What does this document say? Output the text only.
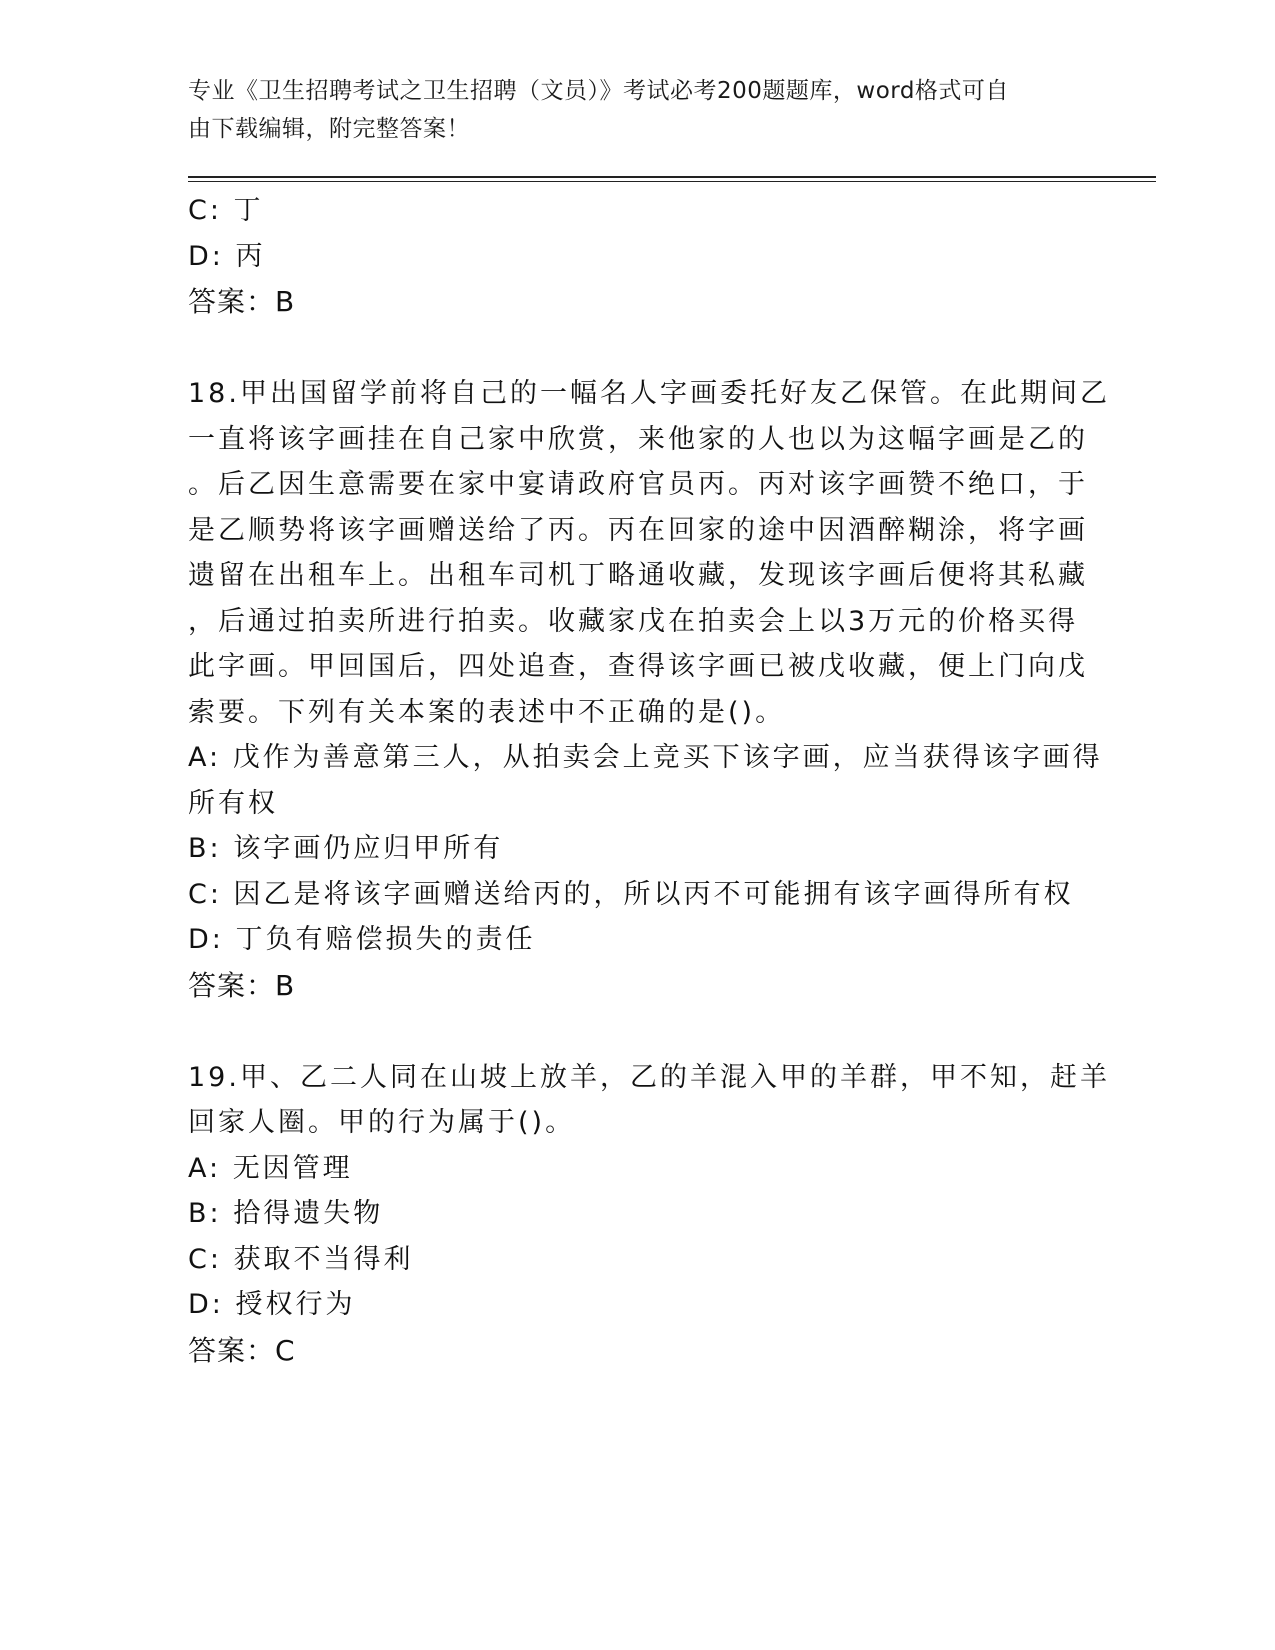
专业《卫生招聘考试之卫生招聘（文员）》考试必考200题题库，word格式可自
由下载编辑，附完整答案！
C: 丁
D: 丙
答案：B
18.甲出国留学前将自己的一幅名人字画委托好友乙保管。在此期间乙
一直将该字画挂在自己家中欣赏，来他家的人也以为这幅字画是乙的
。后乙因生意需要在家中宴请政府官员丙。丙对该字画赞不绝口，于
是乙顺势将该字画赠送给了丙。丙在回家的途中因酒醉糊涂，将字画
遗留在出租车上。出租车司机丁略通收藏，发现该字画后便将其私藏
，后通过拍卖所进行拍卖。收藏家戊在拍卖会上以3万元的价格买得
此字画。甲回国后，四处追查，查得该字画已被戊收藏，便上门向戊
索要。下列有关本案的表述中不正确的是()。
A: 戊作为善意第三人，从拍卖会上竞买下该字画，应当获得该字画得
所有权
B: 该字画仍应归甲所有
C: 因乙是将该字画赠送给丙的，所以丙不可能拥有该字画得所有权
D: 丁负有赔偿损失的责任
答案：B
19.甲、乙二人同在山坡上放羊，乙的羊混入甲的羊群，甲不知，赶羊
回家人圈。甲的行为属于()。
A: 无因管理
B: 拾得遗失物
C: 获取不当得利
D: 授权行为
答案：C
